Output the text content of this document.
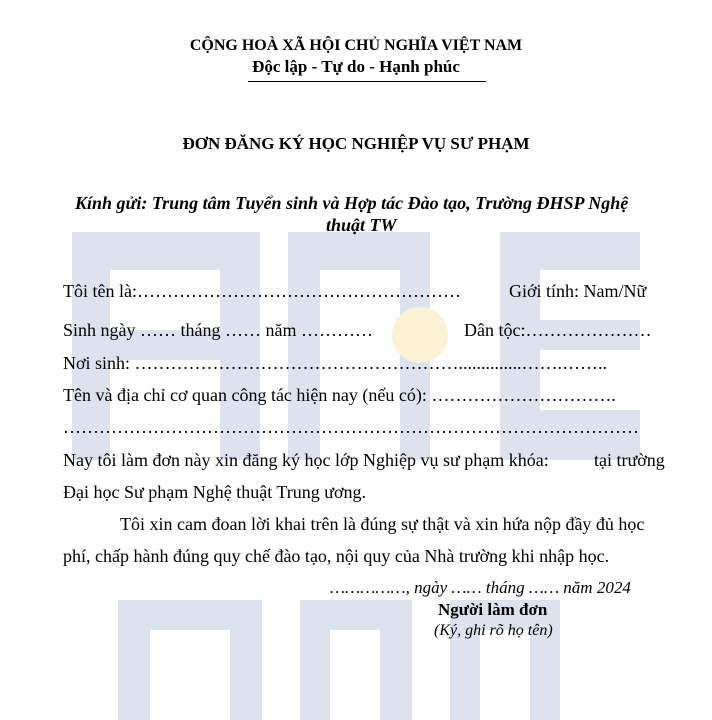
CỘNG HOÀ XÃ HỘI CHỦ NGHĨA VIỆT NAM
Độc lập - Tự do - Hạnh phúc
ĐƠN ĐĂNG KÝ HỌC NGHIỆP VỤ SƯ PHẠM
Kính gửi: Trung tâm Tuyển sinh và Hợp tác Đào tạo, Trường ĐHSP Nghệ
thuật TW
Tôi tên là:………………………………………………	Giới tính: Nam/Nữ
Sinh ngày …… tháng …… năm …………	Dân tộc:…………………
Nơi sinh: ………………………………………………..............…….……..
Tên và địa chỉ cơ quan công tác hiện nay (nếu có): ………………………….
……………………………………………………………………………………
Nay tôi làm đơn này xin đăng ký học lớp Nghiệp vụ sư phạm khóa:	tại trường
Đại học Sư phạm Nghệ thuật Trung ương.
Tôi xin cam đoan lời khai trên là đúng sự thật và xin hứa nộp đầy đủ học
phí, chấp hành đúng quy chế đào tạo, nội quy của Nhà trường khi nhập học.
……………, ngày …… tháng …… năm 2024
Người làm đơn
(Ký, ghi rõ họ tên)
